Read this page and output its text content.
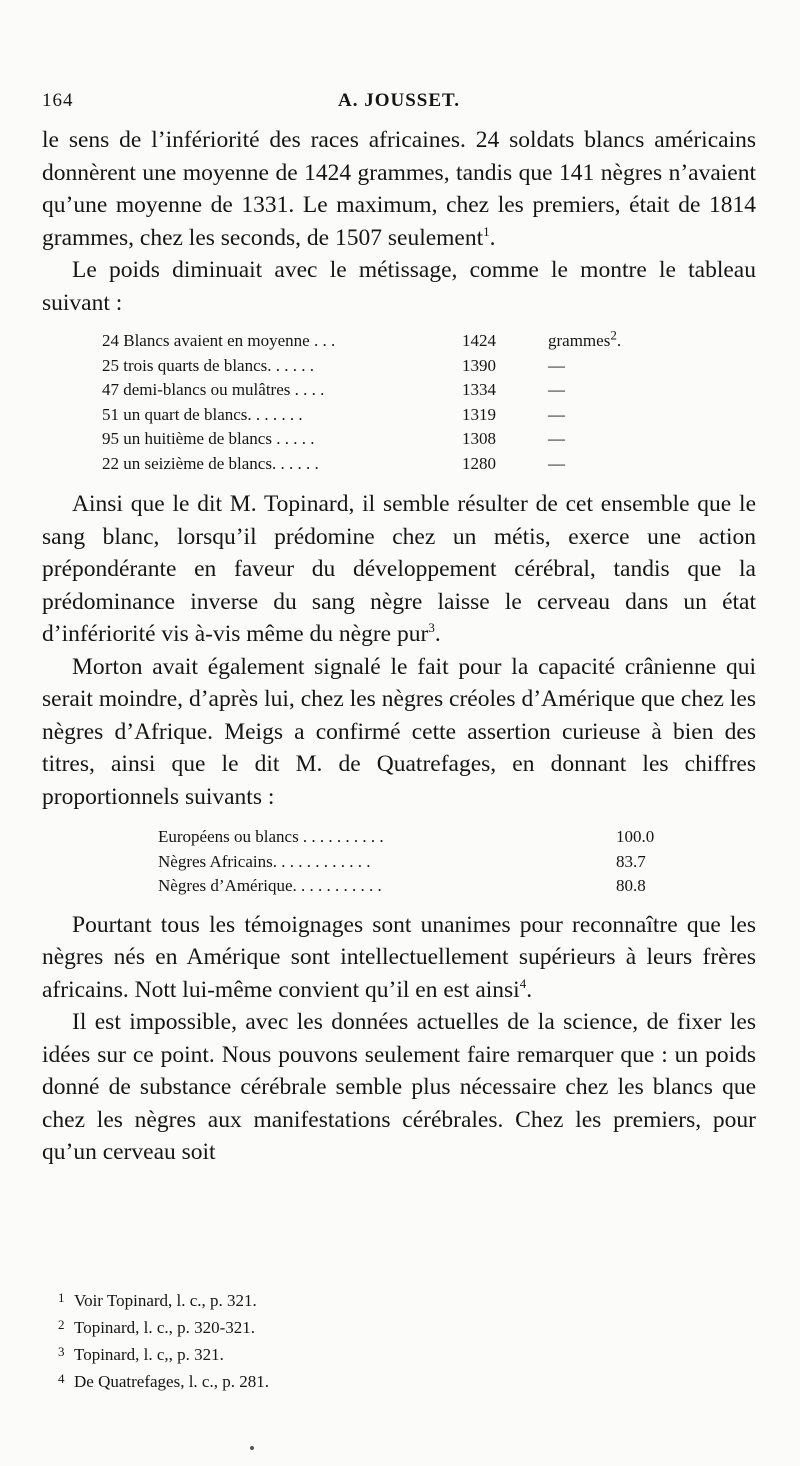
164	A. JOUSSET.

le sens de l’infériorité des races africaines. 24 soldats blancs américains donnèrent une moyenne de 1424 grammes, tandis que 141 nègres n’avaient qu’une moyenne de 1331. Le maximum, chez les premiers, était de 1814 grammes, chez les seconds, de 1507 seulement$^1$.

Le poids diminuait avec le métissage, comme le montre le tableau suivant :

24 Blancs avaient en moyenne . . .	1424	grammes$^2$.
25 trois quarts de blancs. . . . . .	1390	—
47 demi-blancs ou mulâtres . . . .	1334	—
51 un quart de blancs. . . . . . .	1319	—
95 un huitième de blancs . . . . .	1308	—
22 un seizième de blancs. . . . . .	1280	—

Ainsi que le dit M. Topinard, il semble résulter de cet ensemble que le sang blanc, lorsqu’il prédomine chez un métis, exerce une action prépondérante en faveur du développement cérébral, tandis que la prédominance inverse du sang nègre laisse le cerveau dans un état d’infériorité vis à-vis même du nègre pur$^3$.

Morton avait également signalé le fait pour la capacité crânienne qui serait moindre, d’après lui, chez les nègres créoles d’Amérique que chez les nègres d’Afrique. Meigs a confirmé cette assertion curieuse à bien des titres, ainsi que le dit M. de Quatrefages, en donnant les chiffres proportionnels suivants :

Européens ou blancs . . . . . . . . . .	100.0
Nègres Africains. . . . . . . . . . . .	83.7
Nègres d’Amérique. . . . . . . . . . .	80.8

Pourtant tous les témoignages sont unanimes pour reconnaître que les nègres nés en Amérique sont intellectuellement supérieurs à leurs frères africains. Nott lui-même convient qu’il en est ainsi$^4$.

Il est impossible, avec les données actuelles de la science, de fixer les idées sur ce point. Nous pouvons seulement faire remarquer que : un poids donné de substance cérébrale semble plus nécessaire chez les blancs que chez les nègres aux manifestations cérébrales. Chez les premiers, pour qu’un cerveau soit

1 Voir Topinard, l. c., p. 321.
2 Topinard, l. c., p. 320-321.
3 Topinard, l. c,, p. 321.
4 De Quatrefages, l. c., p. 281.
